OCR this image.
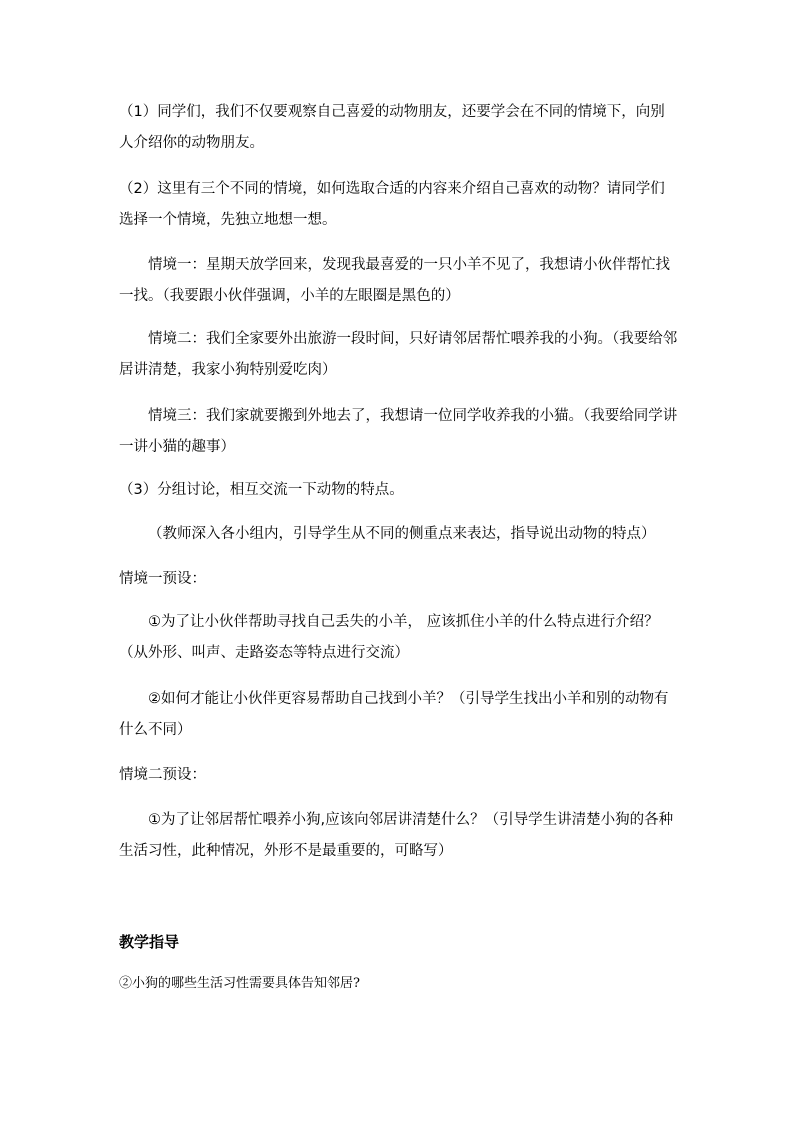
（1）同学们，我们不仅要观察自己喜爱的动物朋友，还要学会在不同的情境下，向别人介绍你的动物朋友。

（2）这里有三个不同的情境，如何选取合适的内容来介绍自己喜欢的动物？请同学们选择一个情境，先独立地想一想。

情境一：星期天放学回来，发现我最喜爱的一只小羊不见了，我想请小伙伴帮忙找一找。（我要跟小伙伴强调，小羊的左眼圈是黑色的）

情境二：我们全家要外出旅游一段时间，只好请邻居帮忙喂养我的小狗。（我要给邻居讲清楚，我家小狗特别爱吃肉）

情境三：我们家就要搬到外地去了，我想请一位同学收养我的小猫。（我要给同学讲一讲小猫的趣事）

（3）分组讨论，相互交流一下动物的特点。

（教师深入各小组内，引导学生从不同的侧重点来表达，指导说出动物的特点）

情境一预设：

①为了让小伙伴帮助寻找自己丢失的小羊， 应该抓住小羊的什么特点进行介绍？（从外形、叫声、走路姿态等特点进行交流）

②如何才能让小伙伴更容易帮助自己找到小羊？（引导学生找出小羊和别的动物有什么不同）

情境二预设：

①为了让邻居帮忙喂养小狗,应该向邻居讲清楚什么？（引导学生讲清楚小狗的各种生活习性，此种情况，外形不是最重要的，可略写）

教学指导

②小狗的哪些生活习性需要具体告知邻居?
